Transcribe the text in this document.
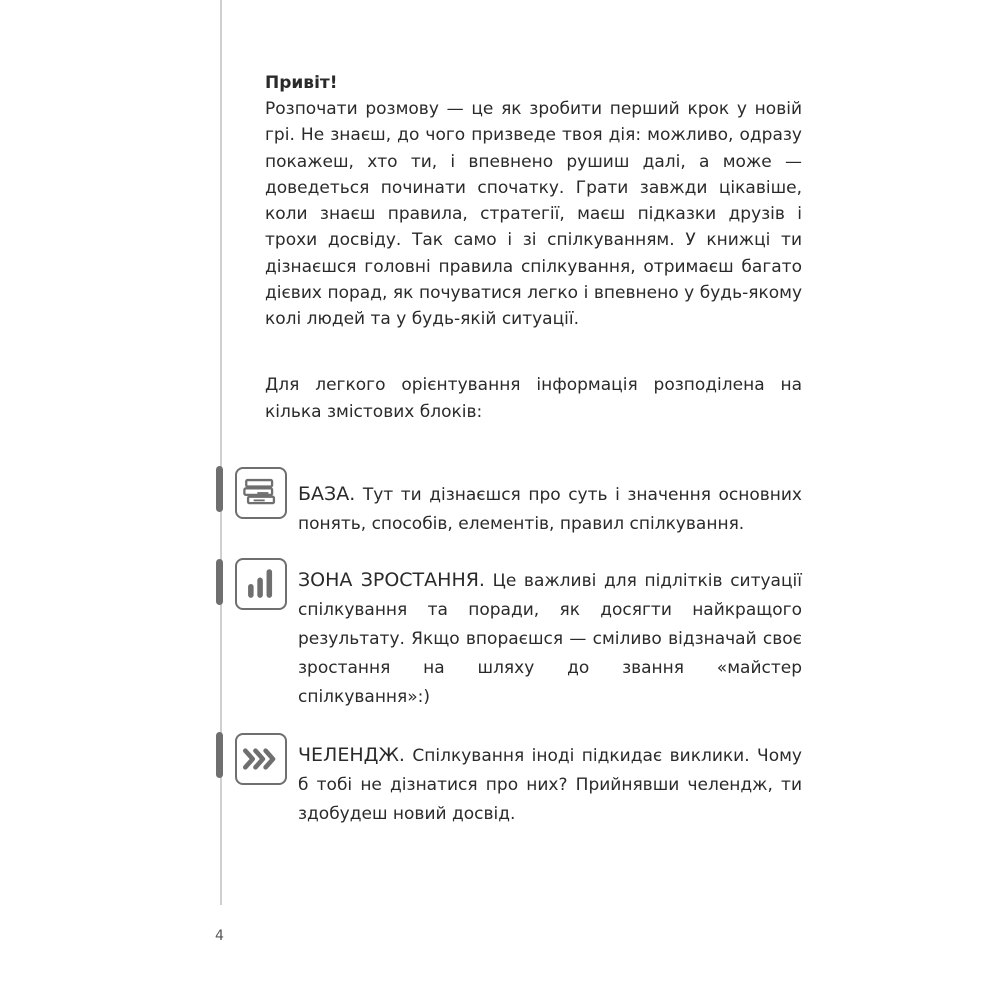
Привіт!

Розпочати розмову — це як зробити перший крок у новій грі. Не знаєш, до чого призведе твоя дія: можливо, одразу покажеш, хто ти, і впевнено рушиш далі, а може — доведеться починати спочатку. Грати завжди цікавіше, коли знаєш правила, стратегії, маєш підказки друзів і трохи досвіду. Так само і зі спілкуванням. У книжці ти дізнаєшся головні правила спілкування, отримаєш багато дієвих порад, як почуватися легко і впевнено у будь-якому колі людей та у будь-якій ситуації.

Для легкого орієнтування інформація розподілена на кілька змістових блоків:

БАЗА. Тут ти дізнаєшся про суть і значення основних понять, способів, елементів, правил спілкування.
ЗОНА ЗРОСТАННЯ. Це важливі для підлітків ситуації спілкування та поради, як досягти найкращого результату. Якщо впораєшся — сміливо відзначай своє зростання на шляху до звання «майстер спілкування»:)
ЧЕЛЕНДЖ. Спілкування іноді підкидає виклики. Чому б тобі не дізнатися про них? Прийнявши челендж, ти здобудеш новий досвід.
4
